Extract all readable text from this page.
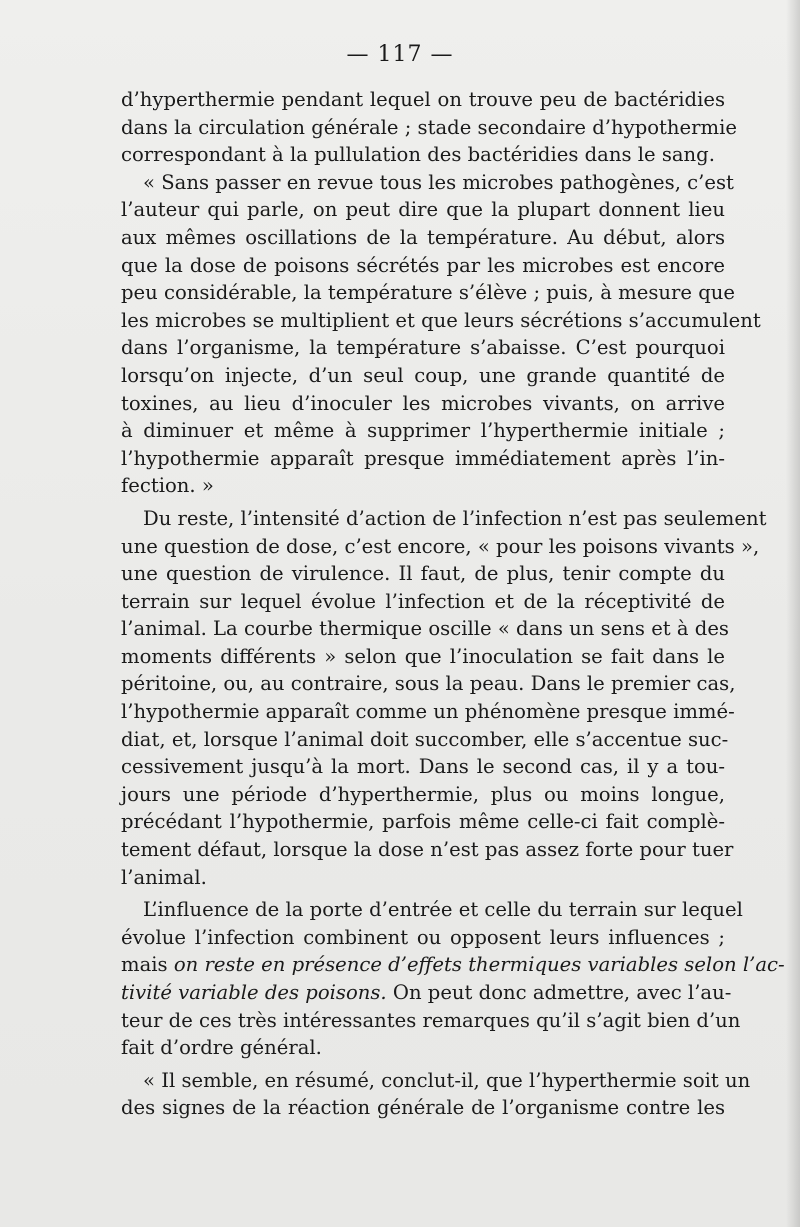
— 117 —
d’hyperthermie pendant lequel on trouve peu de bactéridies
dans la circulation générale ; stade secondaire d’hypothermie
correspondant à la pullulation des bactéridies dans le sang.
« Sans passer en revue tous les microbes pathogènes, c’est
l’auteur qui parle, on peut dire que la plupart donnent lieu
aux mêmes oscillations de la température. Au début, alors
que la dose de poisons sécrétés par les microbes est encore
peu considérable, la température s’élève ; puis, à mesure que
les microbes se multiplient et que leurs sécrétions s’accumulent
dans l’organisme, la température s’abaisse. C’est pourquoi
lorsqu’on injecte, d’un seul coup, une grande quantité de
toxines, au lieu d’inoculer les microbes vivants, on arrive
à diminuer et même à supprimer l’hyperthermie initiale ;
l’hypothermie apparaît presque immédiatement après l’in-
fection. »
Du reste, l’intensité d’action de l’infection n’est pas seulement
une question de dose, c’est encore, « pour les poisons vivants »,
une question de virulence. Il faut, de plus, tenir compte du
terrain sur lequel évolue l’infection et de la réceptivité de
l’animal. La courbe thermique oscille « dans un sens et à des
moments différents » selon que l’inoculation se fait dans le
péritoine, ou, au contraire, sous la peau. Dans le premier cas,
l’hypothermie apparaît comme un phénomène presque immé-
diat, et, lorsque l’animal doit succomber, elle s’accentue suc-
cessivement jusqu’à la mort. Dans le second cas, il y a tou-
jours une période d’hyperthermie, plus ou moins longue,
précédant l’hypothermie, parfois même celle-ci fait complè-
tement défaut, lorsque la dose n’est pas assez forte pour tuer
l’animal.
L’influence de la porte d’entrée et celle du terrain sur lequel
évolue l’infection combinent ou opposent leurs influences ;
mais on reste en présence d’effets thermiques variables selon l’ac-
tivité variable des poisons. On peut donc admettre, avec l’au-
teur de ces très intéressantes remarques qu’il s’agit bien d’un
fait d’ordre général.
« Il semble, en résumé, conclut-il, que l’hyperthermie soit un
des signes de la réaction générale de l’organisme contre les
